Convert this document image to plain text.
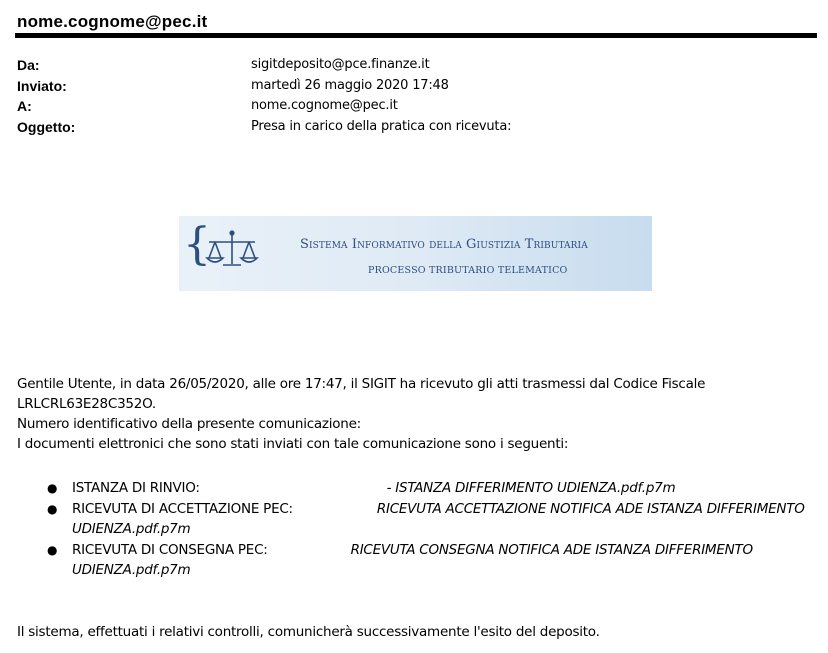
nome.cognome@pec.it
Da:	sigitdeposito@pce.finanze.it
Inviato:	martedì 26 maggio 2020 17:48
A:	nome.cognome@pec.it
Oggetto:	Presa in carico della pratica con ricevuta:
{	Sistema Informativo della Giustizia Tributaria
PROCESSO TRIBUTARIO TELEMATICO

Gentile Utente, in data 26/05/2020, alle ore 17:47, il SIGIT ha ricevuto gli atti trasmessi dal Codice Fiscale

LRLCRL63E28C352O.

Numero identificativo della presente comunicazione:

I documenti elettronici che sono stati inviati con tale comunicazione sono i seguenti:

● ISTANZA DI RINVIO:	- ISTANZA DIFFERIMENTO UDIENZA.pdf.p7m
● RICEVUTA DI ACCETTAZIONE PEC:	RICEVUTA ACCETTAZIONE NOTIFICA ADE ISTANZA DIFFERIMENTO UDIENZA.pdf.p7m
● RICEVUTA DI CONSEGNA PEC:	RICEVUTA CONSEGNA NOTIFICA ADE ISTANZA DIFFERIMENTO UDIENZA.pdf.p7m
Il sistema, effettuati i relativi controlli, comunicherà successivamente l'esito del deposito.
